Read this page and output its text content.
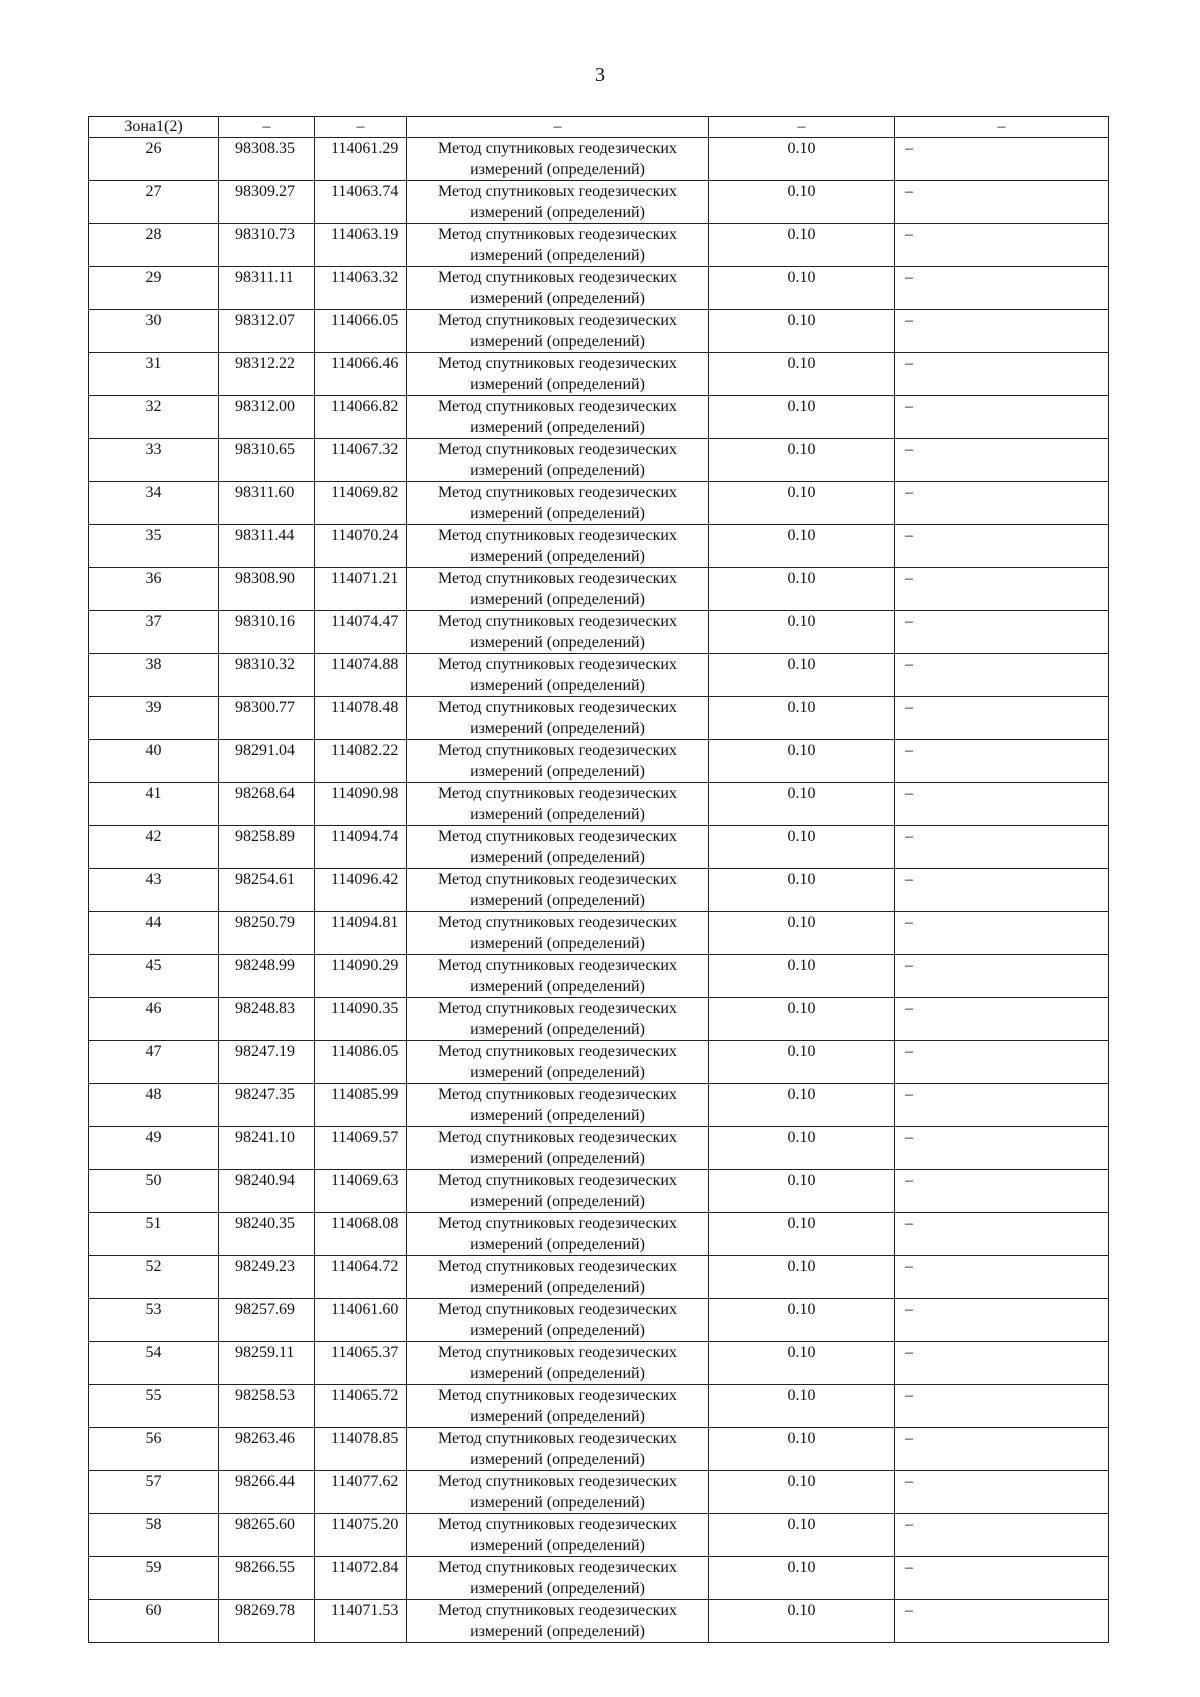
3
Зона1(2)	–	–	–	–	–
26	98308.35	114061.29	Метод спутниковых геодезических измерений (определений)	0.10	–
27	98309.27	114063.74	Метод спутниковых геодезических измерений (определений)	0.10	–
28	98310.73	114063.19	Метод спутниковых геодезических измерений (определений)	0.10	–
29	98311.11	114063.32	Метод спутниковых геодезических измерений (определений)	0.10	–
30	98312.07	114066.05	Метод спутниковых геодезических измерений (определений)	0.10	–
31	98312.22	114066.46	Метод спутниковых геодезических измерений (определений)	0.10	–
32	98312.00	114066.82	Метод спутниковых геодезических измерений (определений)	0.10	–
33	98310.65	114067.32	Метод спутниковых геодезических измерений (определений)	0.10	–
34	98311.60	114069.82	Метод спутниковых геодезических измерений (определений)	0.10	–
35	98311.44	114070.24	Метод спутниковых геодезических измерений (определений)	0.10	–
36	98308.90	114071.21	Метод спутниковых геодезических измерений (определений)	0.10	–
37	98310.16	114074.47	Метод спутниковых геодезических измерений (определений)	0.10	–
38	98310.32	114074.88	Метод спутниковых геодезических измерений (определений)	0.10	–
39	98300.77	114078.48	Метод спутниковых геодезических измерений (определений)	0.10	–
40	98291.04	114082.22	Метод спутниковых геодезических измерений (определений)	0.10	–
41	98268.64	114090.98	Метод спутниковых геодезических измерений (определений)	0.10	–
42	98258.89	114094.74	Метод спутниковых геодезических измерений (определений)	0.10	–
43	98254.61	114096.42	Метод спутниковых геодезических измерений (определений)	0.10	–
44	98250.79	114094.81	Метод спутниковых геодезических измерений (определений)	0.10	–
45	98248.99	114090.29	Метод спутниковых геодезических измерений (определений)	0.10	–
46	98248.83	114090.35	Метод спутниковых геодезических измерений (определений)	0.10	–
47	98247.19	114086.05	Метод спутниковых геодезических измерений (определений)	0.10	–
48	98247.35	114085.99	Метод спутниковых геодезических измерений (определений)	0.10	–
49	98241.10	114069.57	Метод спутниковых геодезических измерений (определений)	0.10	–
50	98240.94	114069.63	Метод спутниковых геодезических измерений (определений)	0.10	–
51	98240.35	114068.08	Метод спутниковых геодезических измерений (определений)	0.10	–
52	98249.23	114064.72	Метод спутниковых геодезических измерений (определений)	0.10	–
53	98257.69	114061.60	Метод спутниковых геодезических измерений (определений)	0.10	–
54	98259.11	114065.37	Метод спутниковых геодезических измерений (определений)	0.10	–
55	98258.53	114065.72	Метод спутниковых геодезических измерений (определений)	0.10	–
56	98263.46	114078.85	Метод спутниковых геодезических измерений (определений)	0.10	–
57	98266.44	114077.62	Метод спутниковых геодезических измерений (определений)	0.10	–
58	98265.60	114075.20	Метод спутниковых геодезических измерений (определений)	0.10	–
59	98266.55	114072.84	Метод спутниковых геодезических измерений (определений)	0.10	–
60	98269.78	114071.53	Метод спутниковых геодезических измерений (определений)	0.10	–
